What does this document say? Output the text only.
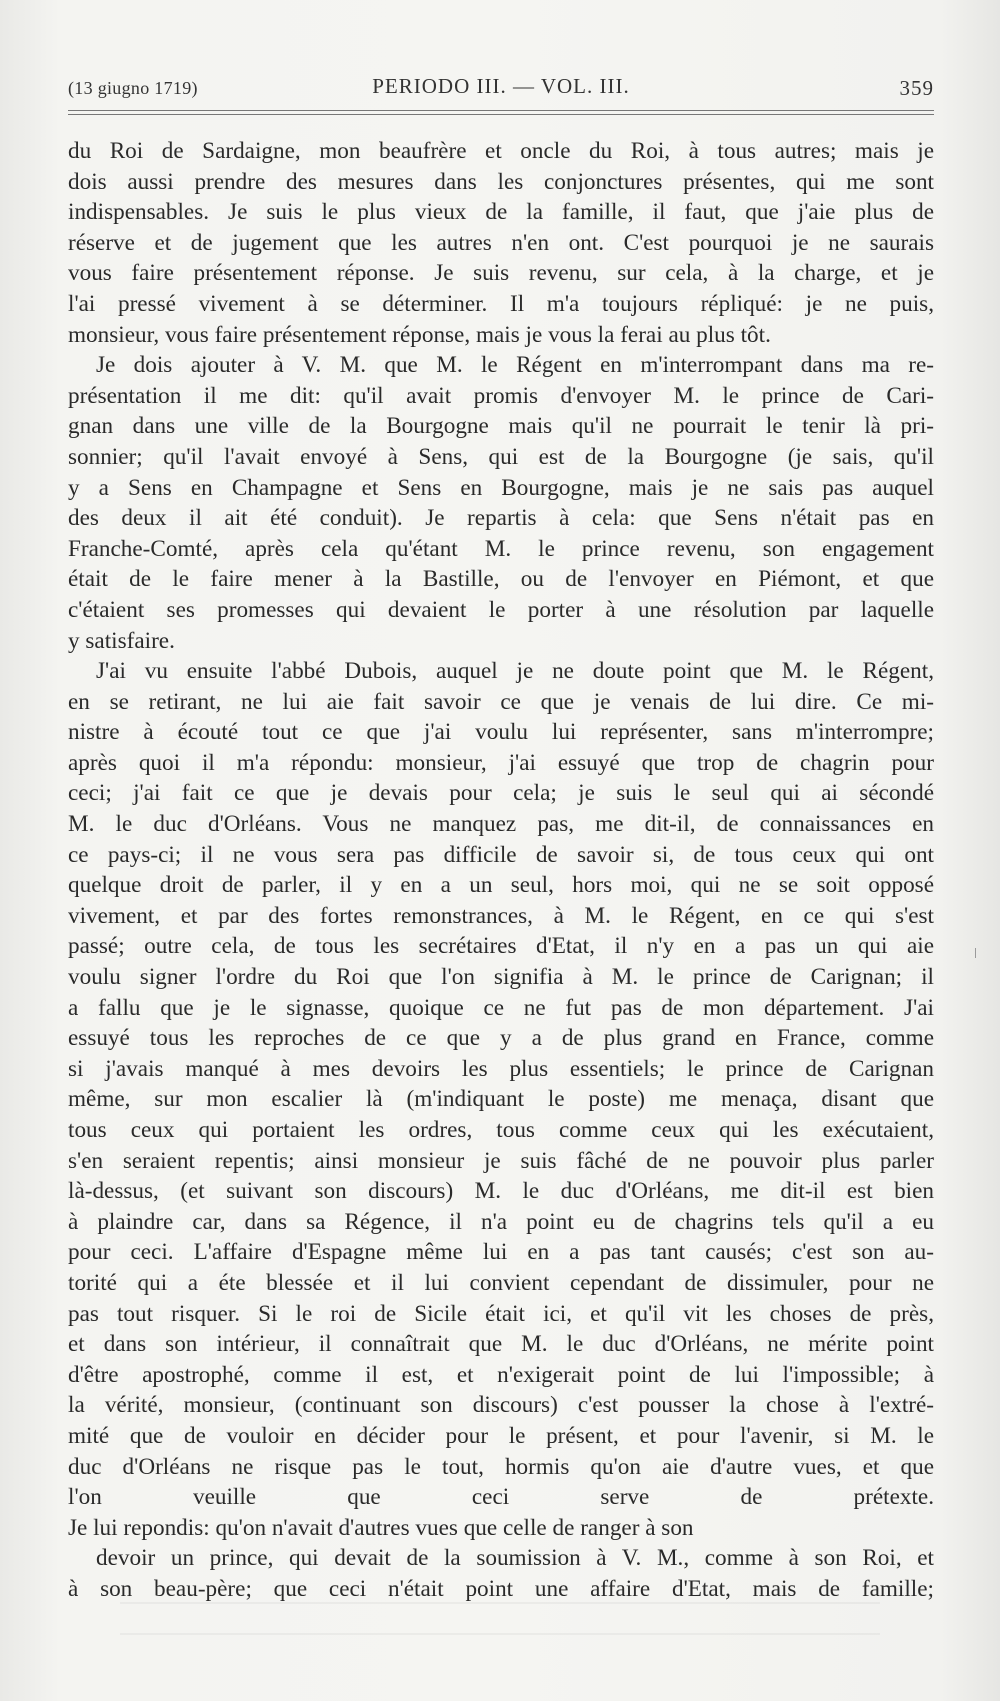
(13 giugno 1719)	PERIODO III. — VOL. III.	359
du Roi de Sardaigne, mon beaufrère et oncle du Roi, à tous autres; mais je
dois aussi prendre des mesures dans les conjonctures présentes, qui me sont
indispensables. Je suis le plus vieux de la famille, il faut, que j'aie plus de
réserve et de jugement que les autres n'en ont. C'est pourquoi je ne saurais
vous faire présentement réponse. Je suis revenu, sur cela, à la charge, et je
l'ai pressé vivement à se déterminer. Il m'a toujours répliqué: je ne puis,
monsieur, vous faire présentement réponse, mais je vous la ferai au plus tôt.
Je dois ajouter à V. M. que M. le Régent en m'interrompant dans ma re-
présentation il me dit: qu'il avait promis d'envoyer M. le prince de Cari-
gnan dans une ville de la Bourgogne mais qu'il ne pourrait le tenir là pri-
sonnier; qu'il l'avait envoyé à Sens, qui est de la Bourgogne (je sais, qu'il
y a Sens en Champagne et Sens en Bourgogne, mais je ne sais pas auquel
des deux il ait été conduit). Je repartis à cela: que Sens n'était pas en
Franche-Comté, après cela qu'étant M. le prince revenu, son engagement
était de le faire mener à la Bastille, ou de l'envoyer en Piémont, et que
c'étaient ses promesses qui devaient le porter à une résolution par laquelle
y satisfaire.
J'ai vu ensuite l'abbé Dubois, auquel je ne doute point que M. le Régent,
en se retirant, ne lui aie fait savoir ce que je venais de lui dire. Ce mi-
nistre à écouté tout ce que j'ai voulu lui représenter, sans m'interrompre;
après quoi il m'a répondu: monsieur, j'ai essuyé que trop de chagrin pour
ceci; j'ai fait ce que je devais pour cela; je suis le seul qui ai sécondé
M. le duc d'Orléans. Vous ne manquez pas, me dit-il, de connaissances en
ce pays-ci; il ne vous sera pas difficile de savoir si, de tous ceux qui ont
quelque droit de parler, il y en a un seul, hors moi, qui ne se soit opposé
vivement, et par des fortes remonstrances, à M. le Régent, en ce qui s'est
passé; outre cela, de tous les secrétaires d'Etat, il n'y en a pas un qui aie
voulu signer l'ordre du Roi que l'on signifia à M. le prince de Carignan; il
a fallu que je le signasse, quoique ce ne fut pas de mon département. J'ai
essuyé tous les reproches de ce que y a de plus grand en France, comme
si j'avais manqué à mes devoirs les plus essentiels; le prince de Carignan
même, sur mon escalier là (m'indiquant le poste) me menaça, disant que
tous ceux qui portaient les ordres, tous comme ceux qui les exécutaient,
s'en seraient repentis; ainsi monsieur je suis fâché de ne pouvoir plus parler
là-dessus, (et suivant son discours) M. le duc d'Orléans, me dit-il est bien
à plaindre car, dans sa Régence, il n'a point eu de chagrins tels qu'il a eu
pour ceci. L'affaire d'Espagne même lui en a pas tant causés; c'est son au-
torité qui a éte blessée et il lui convient cependant de dissimuler, pour ne
pas tout risquer. Si le roi de Sicile était ici, et qu'il vit les choses de près,
et dans son intérieur, il connaîtrait que M. le duc d'Orléans, ne mérite point
d'être apostrophé, comme il est, et n'exigerait point de lui l'impossible; à
la vérité, monsieur, (continuant son discours) c'est pousser la chose à l'extré-
mité que de vouloir en décider pour le présent, et pour l'avenir, si M. le
duc d'Orléans ne risque pas le tout, hormis qu'on aie d'autre vues, et que
l'on veuille que ceci serve de prétexte.
Je lui repondis: qu'on n'avait d'autres vues que celle de ranger à son
devoir un prince, qui devait de la soumission à V. M., comme à son Roi, et
à son beau-père; que ceci n'était point une affaire d'Etat, mais de famille;
